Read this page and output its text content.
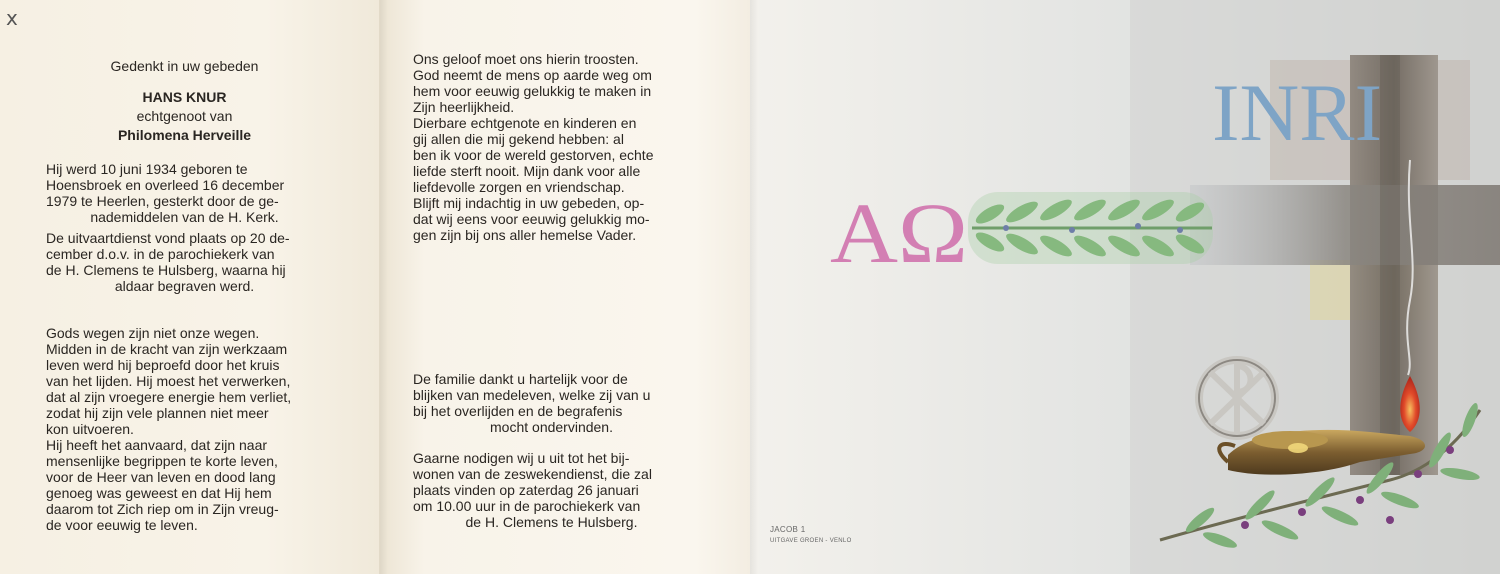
x

Gedenkt in uw gebeden

HANS KNUR

echtgenoot van

Philomena Herveille

Hij werd 10 juni 1934 geboren te

Hoensbroek en overleed 16 december

1979 te Heerlen, gesterkt door de ge-

nademiddelen van de H. Kerk.

De uitvaartdienst vond plaats op 20 de-

cember d.o.v. in de parochiekerk van

de H. Clemens te Hulsberg, waarna hij

aldaar begraven werd.

Gods wegen zijn niet onze wegen.

Midden in de kracht van zijn werkzaam

leven werd hij beproefd door het kruis

van het lijden. Hij moest het verwerken,

dat al zijn vroegere energie hem verliet,

zodat hij zijn vele plannen niet meer

kon uitvoeren.

Hij heeft het aanvaard, dat zijn naar

mensenlijke begrippen te korte leven,

voor de Heer van leven en dood lang

genoeg was geweest en dat Hij hem

daarom tot Zich riep om in Zijn vreug-

de voor eeuwig te leven.

Ons geloof moet ons hierin troosten.

God neemt de mens op aarde weg om

hem voor eeuwig gelukkig te maken in

Zijn heerlijkheid.

Dierbare echtgenote en kinderen en

gij allen die mij gekend hebben: al

ben ik voor de wereld gestorven, echte

liefde sterft nooit. Mijn dank voor alle

liefdevolle zorgen en vriendschap.

Blijft mij indachtig in uw gebeden, op-

dat wij eens voor eeuwig gelukkig mo-

gen zijn bij ons aller hemelse Vader.

De familie dankt u hartelijk voor de

blijken van medeleven, welke zij van u

bij het overlijden en de begrafenis

mocht ondervinden.

Gaarne nodigen wij u uit tot het bij-

wonen van de zeswekendienst, die zal

plaats vinden op zaterdag 26 januari

om 10.00 uur in de parochiekerk van

de H. Clemens te Hulsberg.

INRI
AΩ
JACOB 1
UITGAVE GROEN - VENLO
